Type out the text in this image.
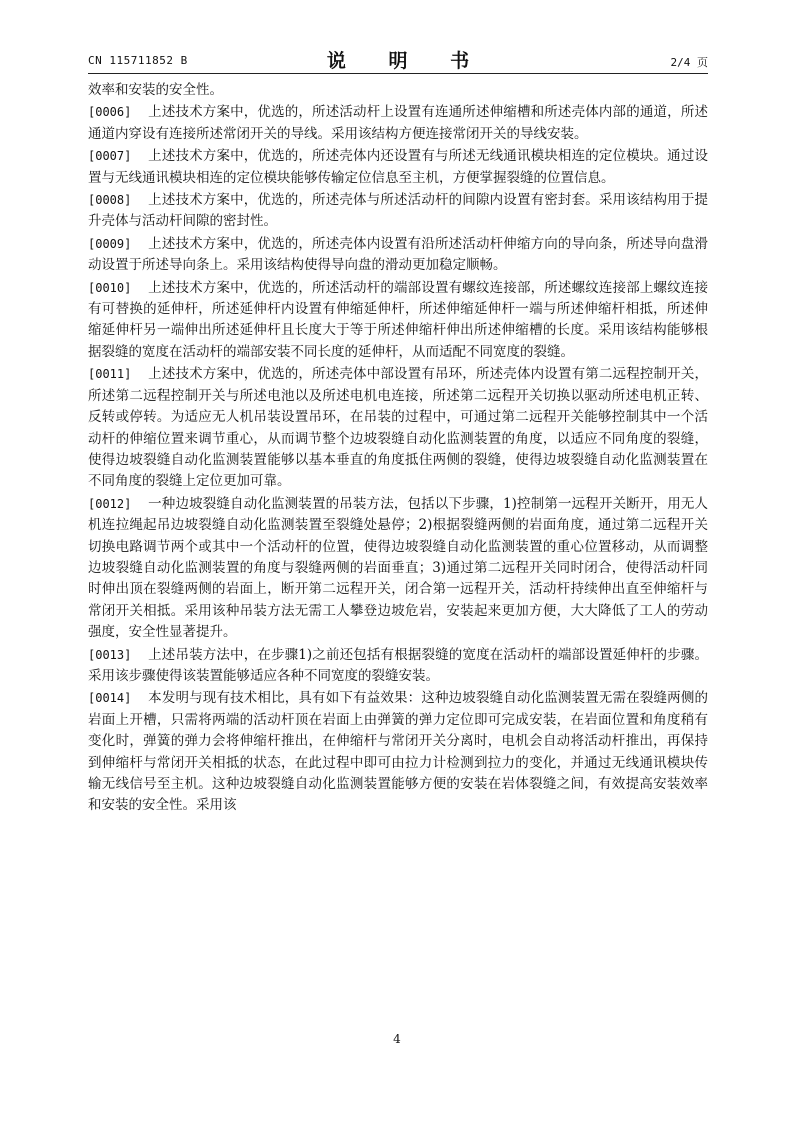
CN 115711852 B	说 明 书	2/4 页

效率和安装的安全性。

[0006] 上述技术方案中，优选的，所述活动杆上设置有连通所述伸缩槽和所述壳体内部的通道，所述通道内穿设有连接所述常闭开关的导线。采用该结构方便连接常闭开关的导线安装。

[0007] 上述技术方案中，优选的，所述壳体内还设置有与所述无线通讯模块相连的定位模块。通过设置与无线通讯模块相连的定位模块能够传输定位信息至主机，方便掌握裂缝的位置信息。

[0008] 上述技术方案中，优选的，所述壳体与所述活动杆的间隙内设置有密封套。采用该结构用于提升壳体与活动杆间隙的密封性。

[0009] 上述技术方案中，优选的，所述壳体内设置有沿所述活动杆伸缩方向的导向条，所述导向盘滑动设置于所述导向条上。采用该结构使得导向盘的滑动更加稳定顺畅。

[0010] 上述技术方案中，优选的，所述活动杆的端部设置有螺纹连接部，所述螺纹连接部上螺纹连接有可替换的延伸杆，所述延伸杆内设置有伸缩延伸杆，所述伸缩延伸杆一端与所述伸缩杆相抵，所述伸缩延伸杆另一端伸出所述延伸杆且长度大于等于所述伸缩杆伸出所述伸缩槽的长度。采用该结构能够根据裂缝的宽度在活动杆的端部安装不同长度的延伸杆，从而适配不同宽度的裂缝。

[0011] 上述技术方案中，优选的，所述壳体中部设置有吊环，所述壳体内设置有第二远程控制开关，所述第二远程控制开关与所述电池以及所述电机电连接，所述第二远程开关切换以驱动所述电机正转、反转或停转。为适应无人机吊装设置吊环，在吊装的过程中，可通过第二远程开关能够控制其中一个活动杆的伸缩位置来调节重心，从而调节整个边坡裂缝自动化监测装置的角度，以适应不同角度的裂缝，使得边坡裂缝自动化监测装置能够以基本垂直的角度抵住两侧的裂缝，使得边坡裂缝自动化监测装置在不同角度的裂缝上定位更加可靠。

[0012] 一种边坡裂缝自动化监测装置的吊装方法，包括以下步骤，1)控制第一远程开关断开，用无人机连拉绳起吊边坡裂缝自动化监测装置至裂缝处悬停；2)根据裂缝两侧的岩面角度，通过第二远程开关切换电路调节两个或其中一个活动杆的位置，使得边坡裂缝自动化监测装置的重心位置移动，从而调整边坡裂缝自动化监测装置的角度与裂缝两侧的岩面垂直；3)通过第二远程开关同时闭合，使得活动杆同时伸出顶在裂缝两侧的岩面上，断开第二远程开关，闭合第一远程开关，活动杆持续伸出直至伸缩杆与常闭开关相抵。采用该种吊装方法无需工人攀登边坡危岩，安装起来更加方便，大大降低了工人的劳动强度，安全性显著提升。

[0013] 上述吊装方法中，在步骤1)之前还包括有根据裂缝的宽度在活动杆的端部设置延伸杆的步骤。采用该步骤使得该装置能够适应各种不同宽度的裂缝安装。

[0014] 本发明与现有技术相比，具有如下有益效果：这种边坡裂缝自动化监测装置无需在裂缝两侧的岩面上开槽，只需将两端的活动杆顶在岩面上由弹簧的弹力定位即可完成安装，在岩面位置和角度稍有变化时，弹簧的弹力会将伸缩杆推出，在伸缩杆与常闭开关分离时，电机会自动将活动杆推出，再保持到伸缩杆与常闭开关相抵的状态，在此过程中即可由拉力计检测到拉力的变化，并通过无线通讯模块传输无线信号至主机。这种边坡裂缝自动化监测装置能够方便的安装在岩体裂缝之间，有效提高安装效率和安装的安全性。采用该

4
